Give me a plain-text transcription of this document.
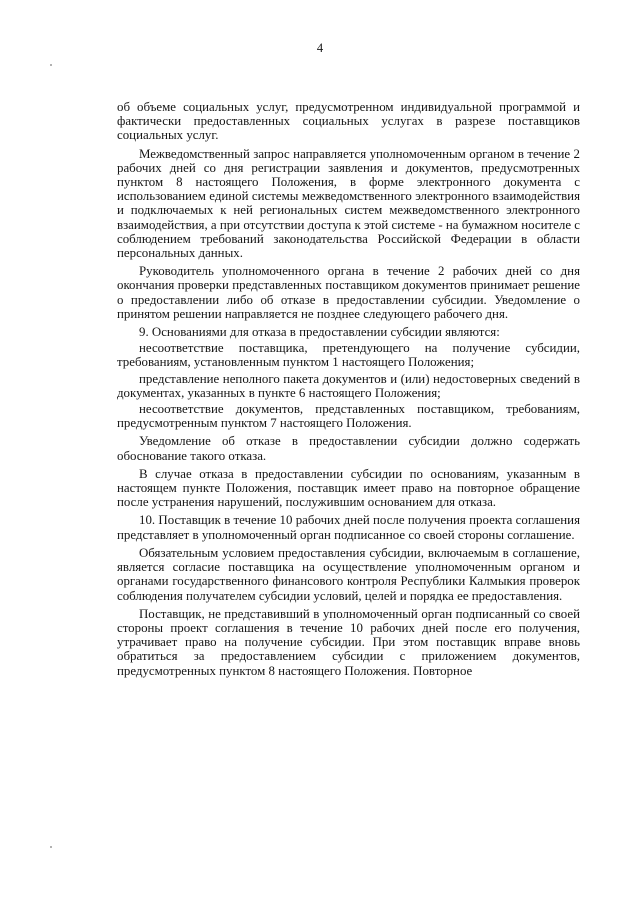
4

об объеме социальных услуг, предусмотренном индивидуальной программой и фактически предоставленных социальных услугах в разрезе поставщиков социальных услуг.

Межведомственный запрос направляется уполномоченным органом в течение 2 рабочих дней со дня регистрации заявления и документов, предусмотренных пунктом 8 настоящего Положения, в форме электронного документа с использованием единой системы межведомственного электронного взаимодействия и подключаемых к ней региональных систем межведомственного электронного взаимодействия, а при отсутствии доступа к этой системе - на бумажном носителе с соблюдением требований законодательства Российской Федерации в области персональных данных.

Руководитель уполномоченного органа в течение 2 рабочих дней со дня окончания проверки представленных поставщиком документов принимает решение о предоставлении либо об отказе в предоставлении субсидии. Уведомление о принятом решении направляется не позднее следующего рабочего дня.

9. Основаниями для отказа в предоставлении субсидии являются:

несоответствие поставщика, претендующего на получение субсидии, требованиям, установленным пунктом 1 настоящего Положения;

представление неполного пакета документов и (или) недостоверных сведений в документах, указанных в пункте 6 настоящего Положения;

несоответствие документов, представленных поставщиком, требованиям, предусмотренным пунктом 7 настоящего Положения.

Уведомление об отказе в предоставлении субсидии должно содержать обоснование такого отказа.

В случае отказа в предоставлении субсидии по основаниям, указанным в настоящем пункте Положения, поставщик имеет право на повторное обращение после устранения нарушений, послужившим основанием для отказа.

10. Поставщик в течение 10 рабочих дней после получения проекта соглашения представляет в уполномоченный орган подписанное со своей стороны соглашение.

Обязательным условием предоставления субсидии, включаемым в соглашение, является согласие поставщика на осуществление уполномоченным органом и органами государственного финансового контроля Республики Калмыкия проверок соблюдения получателем субсидии условий, целей и порядка ее предоставления.

Поставщик, не представивший в уполномоченный орган подписанный со своей стороны проект соглашения в течение 10 рабочих дней после его получения, утрачивает право на получение субсидии. При этом поставщик вправе вновь обратиться за предоставлением субсидии с приложением документов, предусмотренных пунктом 8 настоящего Положения. Повторное
